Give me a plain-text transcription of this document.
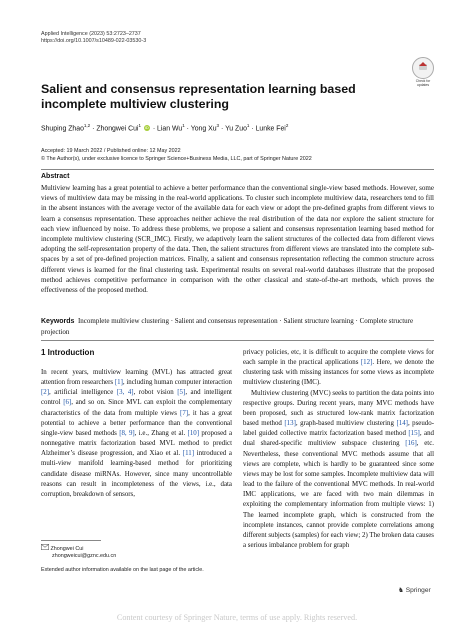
Applied Intelligence (2023) 53:2723–2737
https://doi.org/10.1007/s10489-022-03530-3
Check for
updates
Salient and consensus representation learning based incomplete multiview clustering
Shuping Zhao$^{1,2}$ · Zhongwei Cui$^1$ iD · Lian $Wu^1$ · Yong $Xu^3 \cdot Yu$ Zuo$^1$ · Lunke Fei$^2$
Accepted: 19 March 2022 / Published online: 12 May 2022
© The Author(s), under exclusive licence to Springer Science+Business Media, LLC, part of Springer Nature 2022
Abstract
Multiview learning has a great potential to achieve a better performance than the conventional single-view based methods. However, some views of multiview data may be missing in the real-world applications. To cluster such incomplete multiview data, researchers tend to fill in the absent instances with the average vector of the available data for each view or adopt the pre-defined graphs from different views to learn a consensus representation. These approaches neither achieve the real distribution of the data nor explore the salient structure for each view influenced by noise. To address these problems, we propose a salient and consensus representation learning based method for incomplete multiview clustering (SCR_IMC). Firstly, we adaptively learn the salient structures of the collected data from different views adopting the self-representation property of the data. Then, the salient structures from different views are translated into the complete sub-spaces by a set of pre-defined projection matrices. Finally, a salient and consensus representation reflecting the common structure across different views is learned for the final clustering task. Experimental results on several real-world databases illustrate that the proposed method achieves competitive performance in comparison with the other classical and state-of-the-art methods, which proves the effectiveness of the proposed method.
Keywords Incomplete multiview clustering · Salient and consensus representation · Salient structure learning · Complete structure projection
1 Introduction

In recent years, multiview learning (MVL) has attracted great attention from researchers [1], including human computer interaction [2], artificial intelligence [3, 4], robot vision [5], and intelligent control [6], and so on. Since MVL can exploit the complementary characteristics of the data from multiple views [7], it has a great potential to achieve a better performance than the conventional single-view based methods [8, 9], i.e., Zhang et al. [10] proposed a nonnegative matrix factorization based MVL method to predict Alzheimer’s disease progression, and Xiao et al. [11] introduced a multi-view manifold learning-based method for prioritizing candidate disease miRNAs. However, since many uncontrollable reasons can result in incompleteness of the views, i.e., data corruption, breakdown of sensors,

Zhongwei Cui
zhongweicui@gznc.edu.cn
Extended author information available on the last page of the article.

privacy policies, etc, it is difficult to acquire the complete views for each sample in the practical applications [12]. Here, we denote the clustering task with missing instances for some views as incomplete multiview clustering (IMC).

Multiview clustering (MVC) seeks to partition the data points into respective groups. During recent years, many MVC methods have been proposed, such as structured low-rank matrix factorization based method [13], graph-based multiview clustering [14], pseudo-label guided collective matrix factorization based method [15], and dual shared-specific multiview subspace clustering [16], etc. Nevertheless, these conventional MVC methods assume that all views are complete, which is hardly to be guaranteed since some views may be lost for some samples. Incomplete multiview data will lead to the failure of the conventional MVC methods. In real-world IMC applications, we are faced with two main dilemmas in exploiting the complementary information from multiple views: 1) The learned incomplete graph, which is constructed from the incomplete instances, cannot provide complete correlations among different subjects (samples) for each view; 2) The broken data causes a serious imbalance problem for graph

♞ Springer
Content courtesy of Springer Nature, terms of use apply. Rights reserved.
